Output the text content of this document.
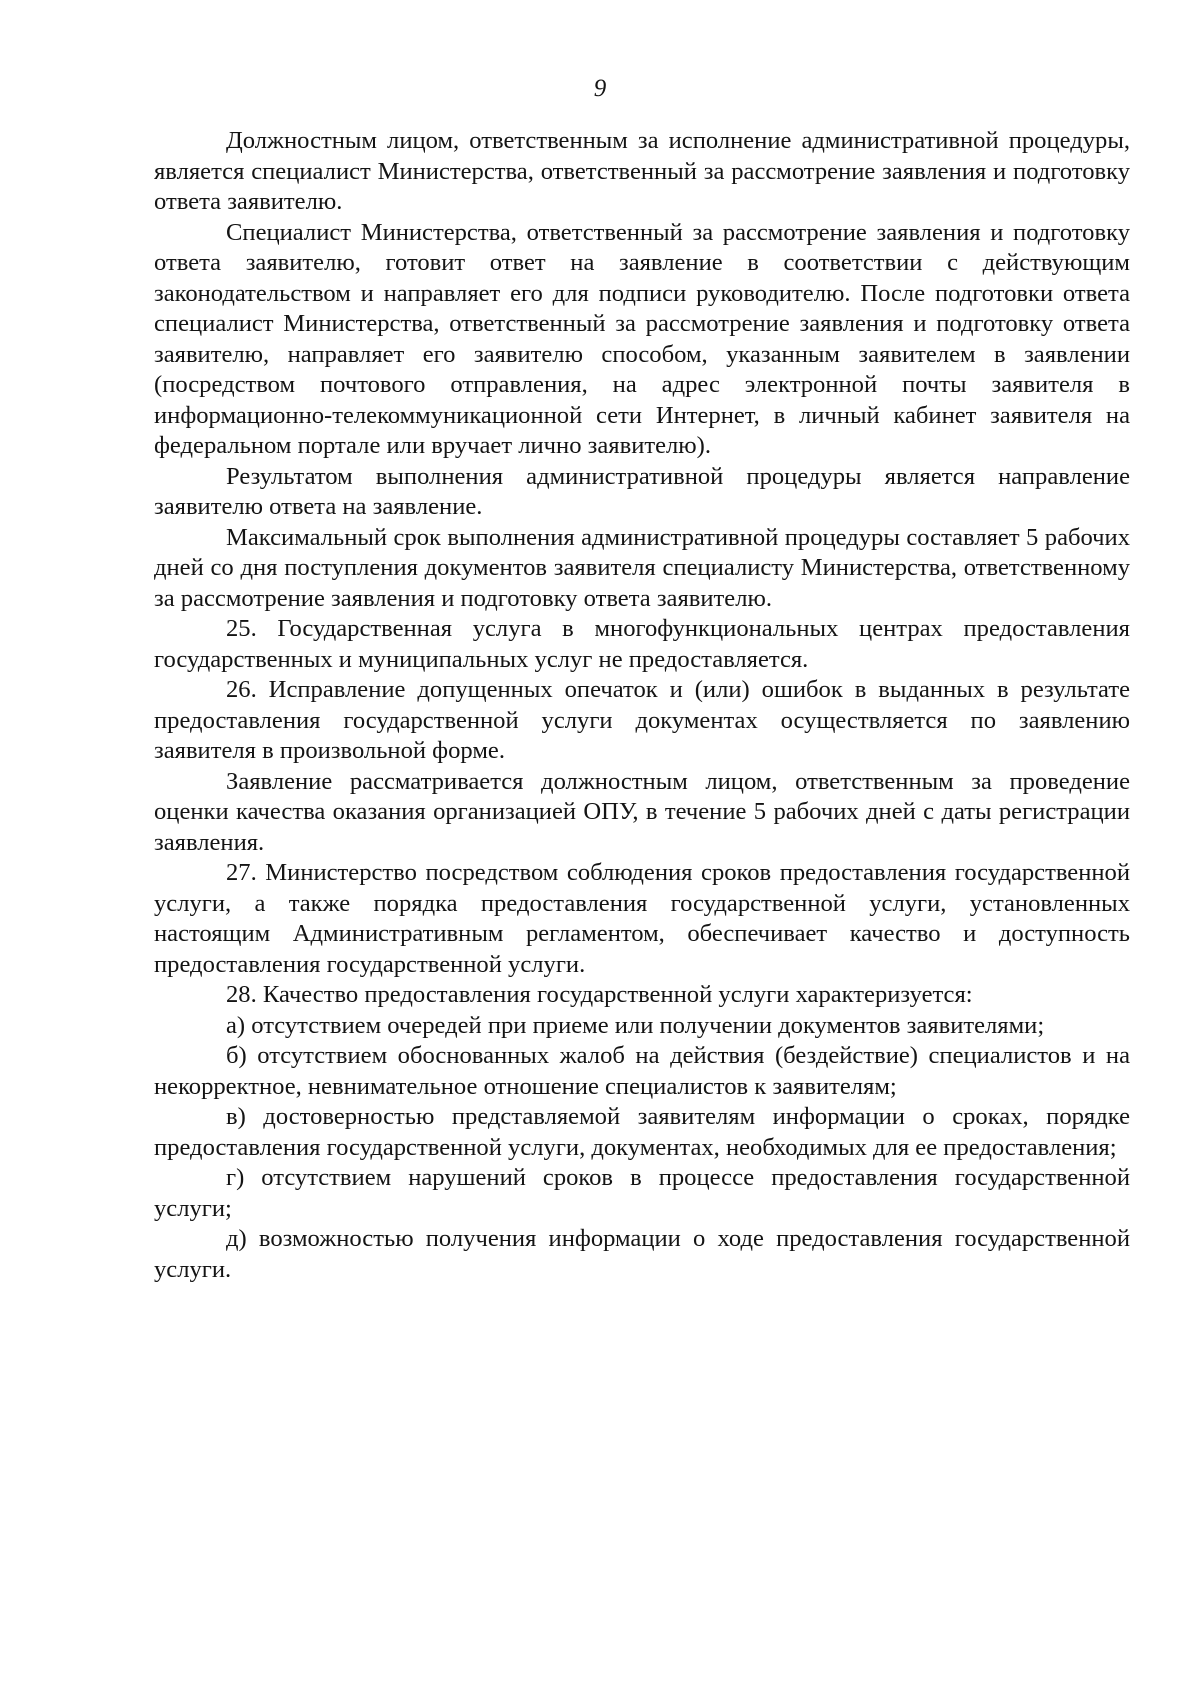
9

Должностным лицом, ответственным за исполнение административной процедуры, является специалист Министерства, ответственный за рассмотрение заявления и подготовку ответа заявителю.

Специалист Министерства, ответственный за рассмотрение заявления и подготовку ответа заявителю, готовит ответ на заявление в соответствии с действующим законодательством и направляет его для подписи руководителю. После подготовки ответа специалист Министерства, ответственный за рассмотрение заявления и подготовку ответа заявителю, направляет его заявителю способом, указанным заявителем в заявлении (посредством почтового отправления, на адрес электронной почты заявителя в информационно-телекоммуникационной сети Интернет, в личный кабинет заявителя на федеральном портале или вручает лично заявителю).

Результатом выполнения административной процедуры является направление заявителю ответа на заявление.

Максимальный срок выполнения административной процедуры составляет 5 рабочих дней со дня поступления документов заявителя специалисту Министерства, ответственному за рассмотрение заявления и подготовку ответа заявителю.

25. Государственная услуга в многофункциональных центрах предоставления государственных и муниципальных услуг не предоставляется.

26. Исправление допущенных опечаток и (или) ошибок в выданных в результате предоставления государственной услуги документах осуществляется по заявлению заявителя в произвольной форме.

Заявление рассматривается должностным лицом, ответственным за проведение оценки качества оказания организацией ОПУ, в течение 5 рабочих дней с даты регистрации заявления.

27. Министерство посредством соблюдения сроков предоставления государственной услуги, а также порядка предоставления государственной услуги, установленных настоящим Административным регламентом, обеспечивает качество и доступность предоставления государственной услуги.

28. Качество предоставления государственной услуги характеризуется:

а) отсутствием очередей при приеме или получении документов заявителями;

б) отсутствием обоснованных жалоб на действия (бездействие) специалистов и на некорректное, невнимательное отношение специалистов к заявителям;

в) достоверностью представляемой заявителям информации о сроках, порядке предоставления государственной услуги, документах, необходимых для ее предоставления;

г) отсутствием нарушений сроков в процессе предоставления государственной услуги;

д) возможностью получения информации о ходе предоставления государственной услуги.
